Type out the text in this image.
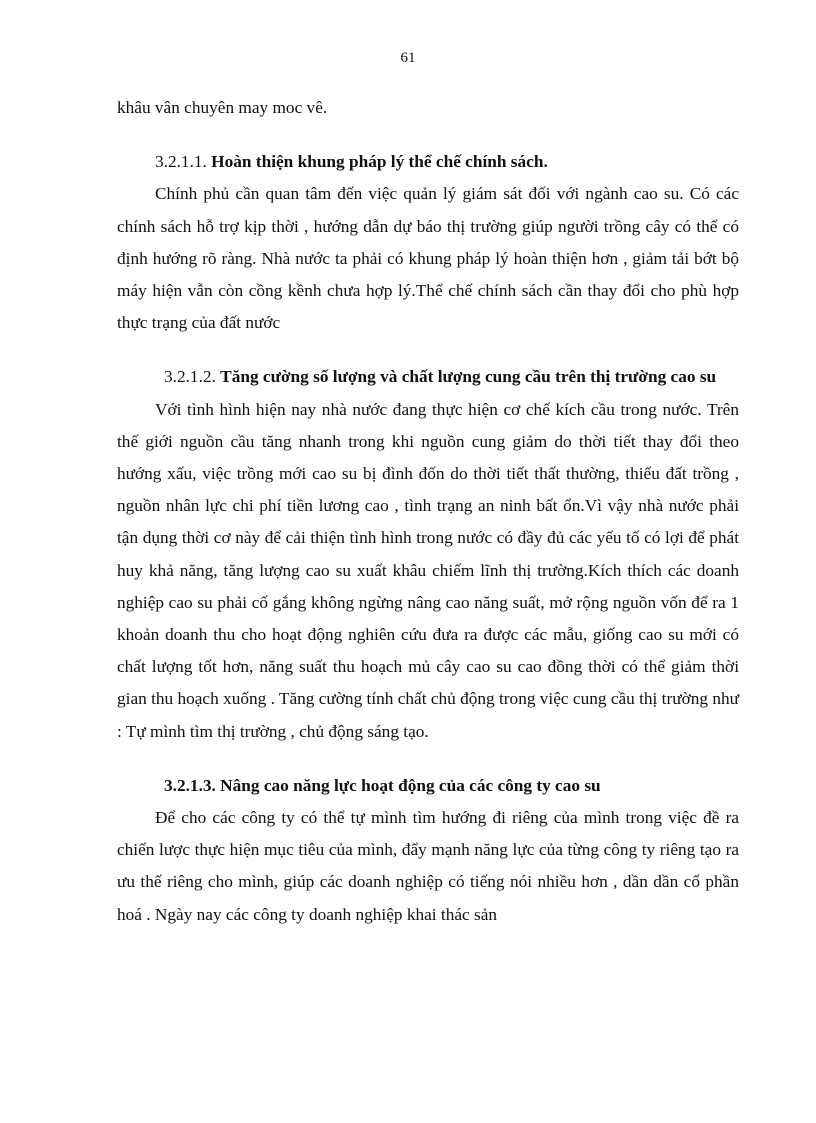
61

khâu vân chuyên may moc vê.

3.2.1.1. Hoàn thiện khung pháp lý thể chế chính sách.

Chính phủ cần quan tâm đến việc quản lý giám sát đối với ngành cao su. Có các chính sách hỗ trợ kịp thời , hướng dẫn dự báo thị trường giúp người trồng cây có thể có định hướng rõ ràng. Nhà nước ta phải có khung pháp lý hoàn thiện hơn , giảm tải bớt bộ máy hiện vẫn còn cồng kềnh chưa hợp lý.Thể chế chính sách cần thay đổi cho phù hợp thực trạng của đất nước

3.2.1.2. Tăng cường số lượng và chất lượng cung cầu trên thị trường cao su

Với tình hình hiện nay nhà nước đang thực hiện cơ chế kích cầu trong nước. Trên thế giới nguồn cầu tăng nhanh trong khi nguồn cung giảm do thời tiết thay đổi theo hướng xấu, việc trồng mới cao su bị đình đốn do thời tiết thất thường, thiếu đất trồng , nguồn nhân lực chi phí tiền lương cao , tình trạng an ninh bất ổn.Vì vậy nhà nước phải tận dụng thời cơ này để cải thiện tình hình trong nước có đầy đủ các yếu tố có lợi để phát huy khả năng, tăng lượng cao su xuất khâu chiếm lĩnh thị trường.Kích thích các doanh nghiệp cao su phải cố gắng không ngừng nâng cao năng suất, mở rộng nguồn vốn để ra 1 khoản doanh thu cho hoạt động nghiên cứu đưa ra được các mẫu, giống cao su mới có chất lượng tốt hơn, năng suất thu hoạch mủ cây cao su cao đồng thời có thể giảm thời gian thu hoạch xuống . Tăng cường tính chất chủ động trong việc cung cầu thị trường như : Tự mình tìm thị trường , chủ động sáng tạo.

3.2.1.3. Nâng cao năng lực hoạt động của các công ty cao su

Để cho các công ty có thể tự mình tìm hướng đi riêng của mình trong việc đề ra chiến lược thực hiện mục tiêu của mình, đẩy mạnh năng lực của từng công ty riêng tạo ra ưu thế riêng cho mình, giúp các doanh nghiệp có tiếng nói nhiều hơn , dần dần cổ phần hoá . Ngày nay các công ty doanh nghiệp khai thác sản
